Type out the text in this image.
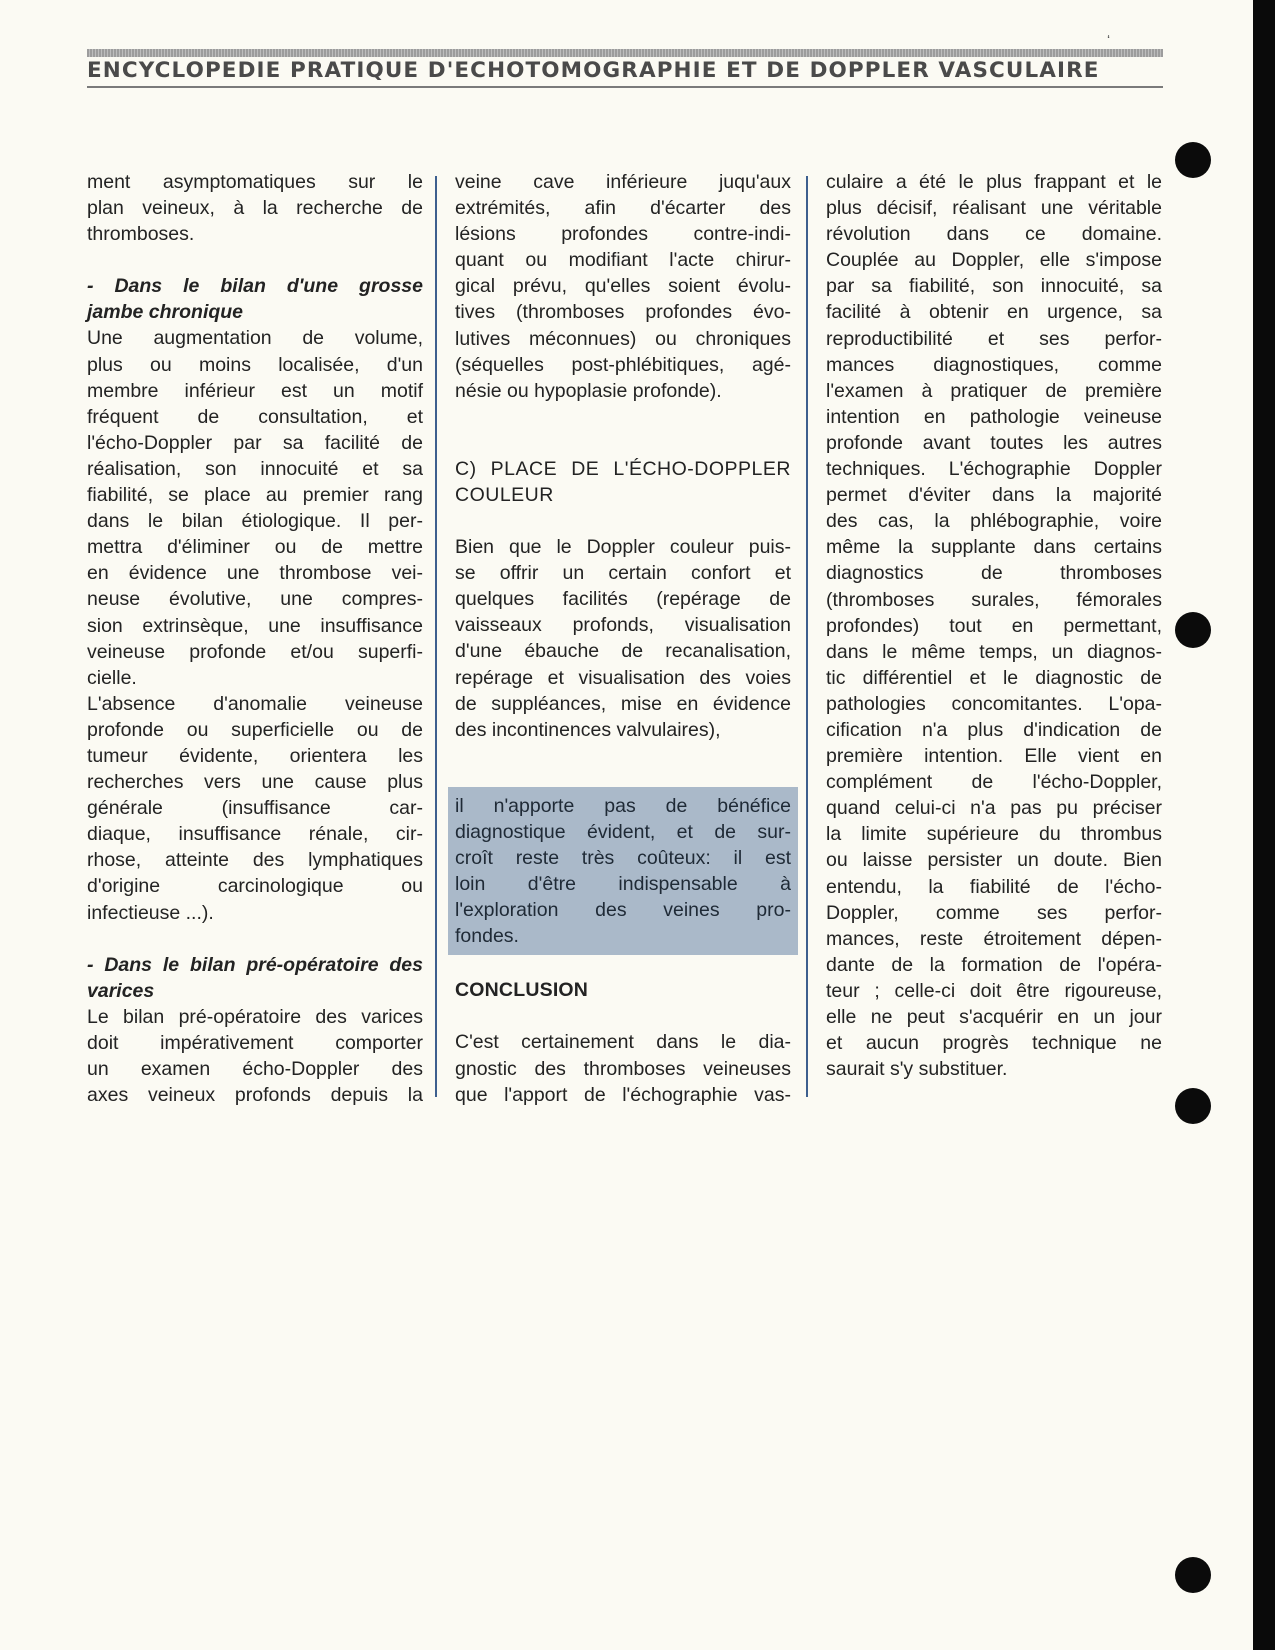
ʻ
ENCYCLOPEDIE PRATIQUE D'ECHOTOMOGRAPHIE ET DE DOPPLER VASCULAIRE

ment asymptomatiques sur le
plan veineux, à la recherche de
thromboses.

- Dans le bilan d'une grosse
jambe chronique

Une augmentation de volume,
plus ou moins localisée, d'un
membre inférieur est un motif
fréquent de consultation, et
l'écho-Doppler par sa facilité de
réalisation, son innocuité et sa
fiabilité, se place au premier rang
dans le bilan étiologique. Il per-
mettra d'éliminer ou de mettre
en évidence une thrombose vei-
neuse évolutive, une compres-
sion extrinsèque, une insuffisance
veineuse profonde et/ou superfi-
cielle.

L'absence d'anomalie veineuse
profonde ou superficielle ou de
tumeur évidente, orientera les
recherches vers une cause plus
générale (insuffisance car-
diaque, insuffisance rénale, cir-
rhose, atteinte des lymphatiques
d'origine carcinologique ou
infectieuse ...).

- Dans le bilan pré-opératoire des
varices

Le bilan pré-opératoire des varices
doit impérativement comporter
un examen écho-Doppler des
axes veineux profonds depuis la

veine cave inférieure juqu'aux
extrémités, afin d'écarter des
lésions profondes contre-indi-
quant ou modifiant l'acte chirur-
gical prévu, qu'elles soient évolu-
tives (thromboses profondes évo-
lutives méconnues) ou chroniques
(séquelles post-phlébitiques, agé-
nésie ou hypoplasie profonde).

C) PLACE DE L'ÉCHO-DOPPLER
COULEUR

Bien que le Doppler couleur puis-
se offrir un certain confort et
quelques facilités (repérage de
vaisseaux profonds, visualisation
d'une ébauche de recanalisation,
repérage et visualisation des voies
de suppléances, mise en évidence
des incontinences valvulaires),

il n'apporte pas de bénéfice
diagnostique évident, et de sur-
croît reste très coûteux: il est
loin d'être indispensable à
l'exploration des veines pro-
fondes.

CONCLUSION

C'est certainement dans le dia-
gnostic des thromboses veineuses
que l'apport de l'échographie vas-

culaire a été le plus frappant et le
plus décisif, réalisant une véritable
révolution dans ce domaine.
Couplée au Doppler, elle s'impose
par sa fiabilité, son innocuité, sa
facilité à obtenir en urgence, sa
reproductibilité et ses perfor-
mances diagnostiques, comme
l'examen à pratiquer de première
intention en pathologie veineuse
profonde avant toutes les autres
techniques. L'échographie Doppler
permet d'éviter dans la majorité
des cas, la phlébographie, voire
même la supplante dans certains
diagnostics de thromboses
(thromboses surales, fémorales
profondes) tout en permettant,
dans le même temps, un diagnos-
tic différentiel et le diagnostic de
pathologies concomitantes. L'opa-
cification n'a plus d'indication de
première intention. Elle vient en
complément de l'écho-Doppler,
quand celui-ci n'a pas pu préciser
la limite supérieure du thrombus
ou laisse persister un doute. Bien
entendu, la fiabilité de l'écho-
Doppler, comme ses perfor-
mances, reste étroitement dépen-
dante de la formation de l'opéra-
teur ; celle-ci doit être rigoureuse,
elle ne peut s'acquérir en un jour
et aucun progrès technique ne
saurait s'y substituer.
